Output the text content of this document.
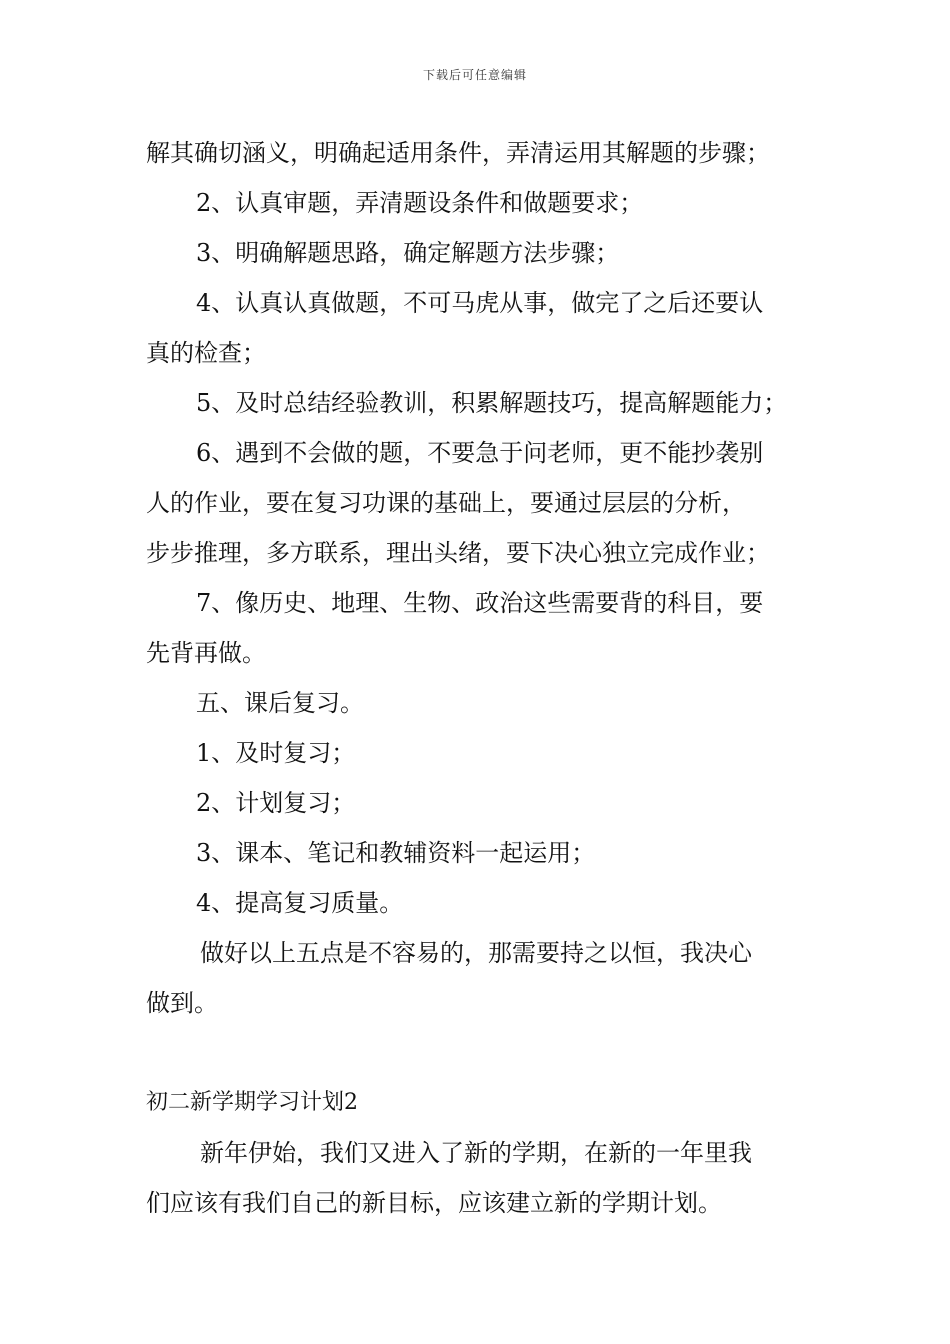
下载后可任意编辑

解其确切涵义，明确起适用条件，弄清运用其解题的步骤；

2、认真审题，弄清题设条件和做题要求；

3、明确解题思路，确定解题方法步骤；

4、认真认真做题，不可马虎从事，做完了之后还要认

真的检查；

5、及时总结经验教训，积累解题技巧，提高解题能力；

6、遇到不会做的题，不要急于问老师，更不能抄袭别

人的作业，要在复习功课的基础上，要通过层层的分析，

步步推理，多方联系，理出头绪，要下决心独立完成作业；

7、像历史、地理、生物、政治这些需要背的科目，要

先背再做。

五、课后复习。

1、及时复习；

2、计划复习；

3、课本、笔记和教辅资料一起运用；

4、提高复习质量。

做好以上五点是不容易的，那需要持之以恒，我决心

做到。

初二新学期学习计划2

新年伊始，我们又进入了新的学期，在新的一年里我

们应该有我们自己的新目标，应该建立新的学期计划。
